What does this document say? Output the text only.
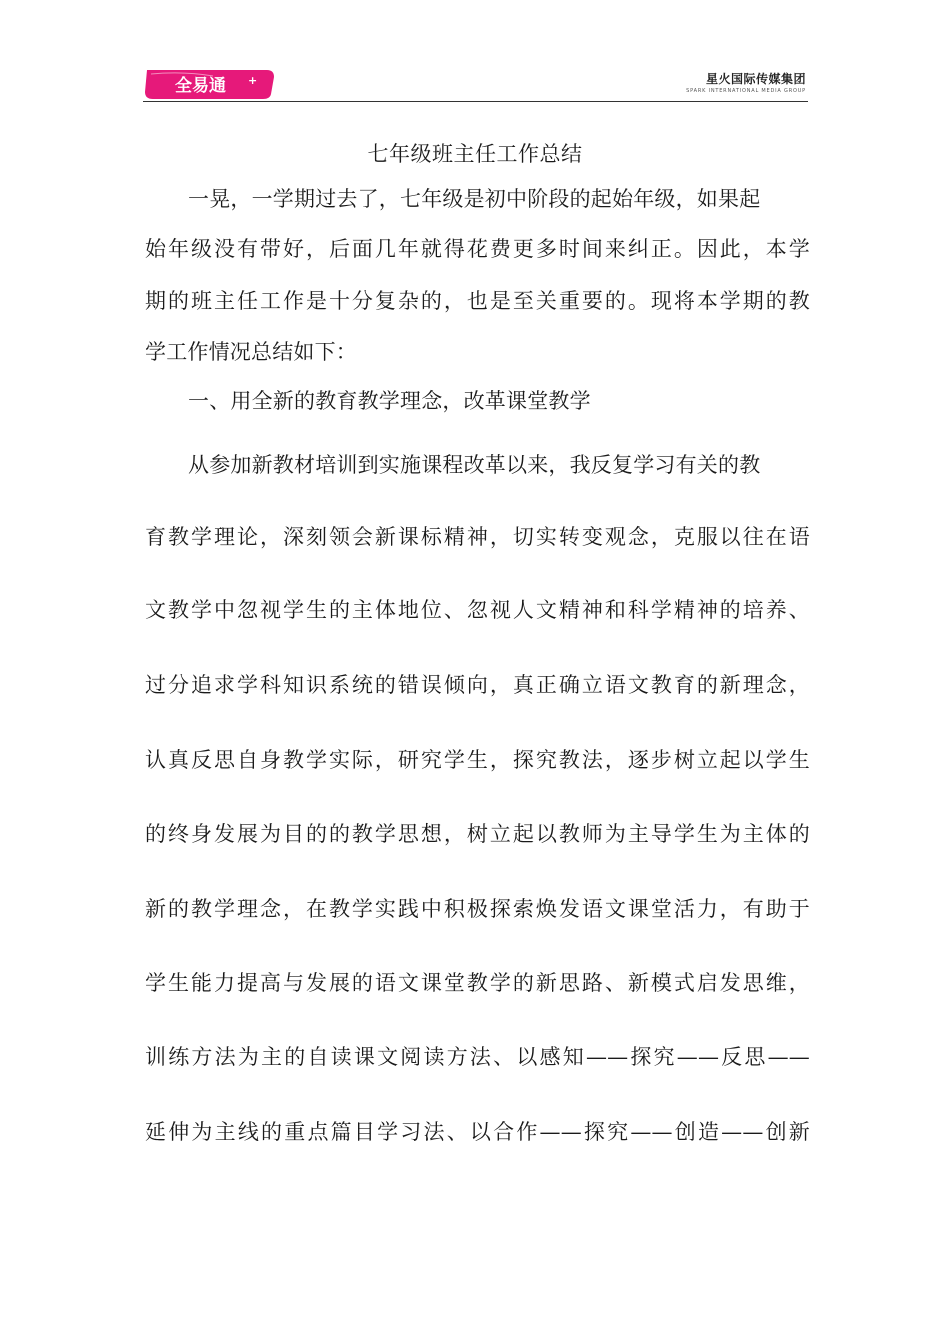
全易通 +	星火国际传媒集团
SPARK INTERNATIONAL MEDIA GROUP
七年级班主任工作总结
一晃，一学期过去了，七年级是初中阶段的起始年级，如果起
始年级没有带好，后面几年就得花费更多时间来纠正。因此，本学
期的班主任工作是十分复杂的，也是至关重要的。现将本学期的教
学工作情况总结如下：
一、用全新的教育教学理念，改革课堂教学
从参加新教材培训到实施课程改革以来，我反复学习有关的教
育教学理论，深刻领会新课标精神，切实转变观念，克服以往在语
文教学中忽视学生的主体地位、忽视人文精神和科学精神的培养、
过分追求学科知识系统的错误倾向，真正确立语文教育的新理念，
认真反思自身教学实际，研究学生，探究教法，逐步树立起以学生
的终身发展为目的的教学思想，树立起以教师为主导学生为主体的
新的教学理念，在教学实践中积极探索焕发语文课堂活力，有助于
学生能力提高与发展的语文课堂教学的新思路、新模式启发思维，
训练方法为主的自读课文阅读方法、以感知——探究——反思——
延伸为主线的重点篇目学习法、以合作——探究——创造——创新
